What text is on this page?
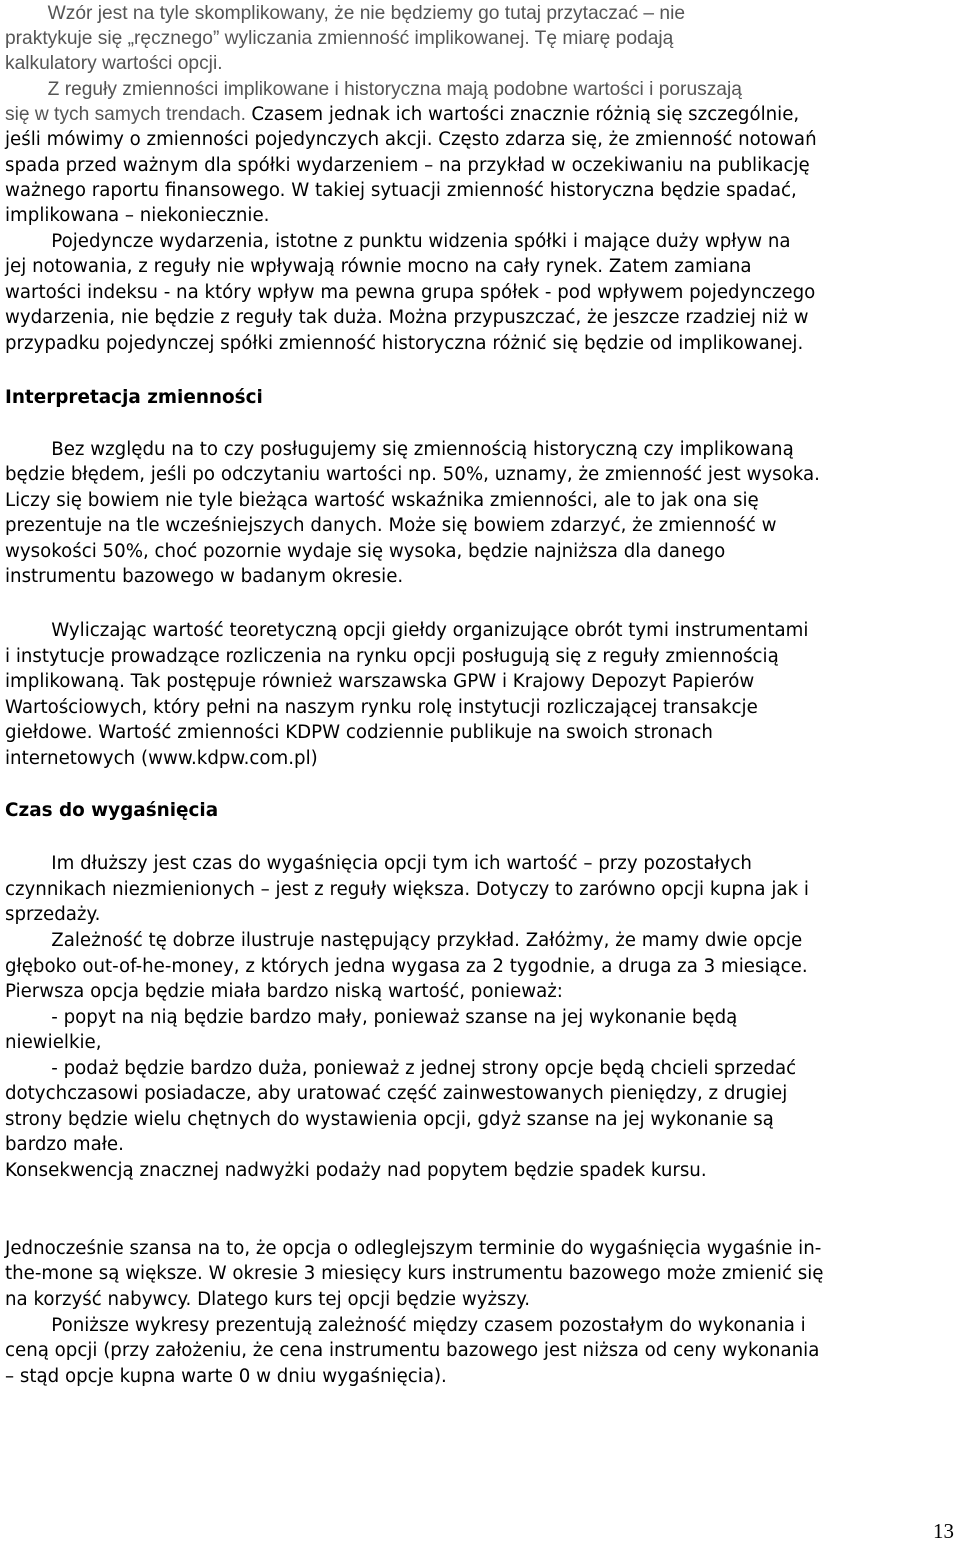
13
Wzór jest na tyle skomplikowany, że nie będziemy go tutaj przytaczać – nie
praktykuje się „ręcznego” wyliczania zmienność implikowanej. Tę miarę podają
kalkulatory wartości opcji.
Z reguły zmienności implikowane i historyczna mają podobne wartości i poruszają
się w tych samych trendach. Czasem jednak ich wartości znacznie różnią się szczególnie,
jeśli mówimy o zmienności pojedynczych akcji. Często zdarza się, że zmienność notowań
spada przed ważnym dla spółki wydarzeniem – na przykład w oczekiwaniu na publikację
ważnego raportu finansowego. W takiej sytuacji zmienność historyczna będzie spadać,
implikowana – niekoniecznie.
Pojedyncze wydarzenia, istotne z punktu widzenia spółki i mające duży wpływ na
jej notowania, z reguły nie wpływają równie mocno na cały rynek. Zatem zamiana
wartości indeksu - na który wpływ ma pewna grupa spółek - pod wpływem pojedynczego
wydarzenia, nie będzie z reguły tak duża. Można przypuszczać, że jeszcze rzadziej niż w
przypadku pojedynczej spółki zmienność historyczna różnić się będzie od implikowanej.
Interpretacja zmienności
Bez względu na to czy posługujemy się zmiennością historyczną czy implikowaną
będzie błędem, jeśli po odczytaniu wartości np. 50%, uznamy, że zmienność jest wysoka.
Liczy się bowiem nie tyle bieżąca wartość wskaźnika zmienności, ale to jak ona się
prezentuje na tle wcześniejszych danych. Może się bowiem zdarzyć, że zmienność w
wysokości 50%, choć pozornie wydaje się wysoka, będzie najniższa dla danego
instrumentu bazowego w badanym okresie.
Wyliczając wartość teoretyczną opcji giełdy organizujące obrót tymi instrumentami
i instytucje prowadzące rozliczenia na rynku opcji posługują się z reguły zmiennością
implikowaną. Tak postępuje również warszawska GPW i Krajowy Depozyt Papierów
Wartościowych, który pełni na naszym rynku rolę instytucji rozliczającej transakcje
giełdowe. Wartość zmienności KDPW codziennie publikuje na swoich stronach
internetowych (www.kdpw.com.pl)
Czas do wygaśnięcia
Im dłuższy jest czas do wygaśnięcia opcji tym ich wartość – przy pozostałych
czynnikach niezmienionych – jest z reguły większa. Dotyczy to zarówno opcji kupna jak i
sprzedaży.
Zależność tę dobrze ilustruje następujący przykład. Załóżmy, że mamy dwie opcje
głęboko out-of-he-money, z których jedna wygasa za 2 tygodnie, a druga za 3 miesiące.
Pierwsza opcja będzie miała bardzo niską wartość, ponieważ:
- popyt na nią będzie bardzo mały, ponieważ szanse na jej wykonanie będą
niewielkie,
- podaż będzie bardzo duża, ponieważ z jednej strony opcje będą chcieli sprzedać
dotychczasowi posiadacze, aby uratować część zainwestowanych pieniędzy, z drugiej
strony będzie wielu chętnych do wystawienia opcji, gdyż szanse na jej wykonanie są
bardzo małe.
Konsekwencją znacznej nadwyżki podaży nad popytem będzie spadek kursu.
Jednocześnie szansa na to, że opcja o odleglejszym terminie do wygaśnięcia wygaśnie in-
the-mone są większe. W okresie 3 miesięcy kurs instrumentu bazowego może zmienić się
na korzyść nabywcy. Dlatego kurs tej opcji będzie wyższy.
Poniższe wykresy prezentują zależność między czasem pozostałym do wykonania i
ceną opcji (przy założeniu, że cena instrumentu bazowego jest niższa od ceny wykonania
– stąd opcje kupna warte 0 w dniu wygaśnięcia).
